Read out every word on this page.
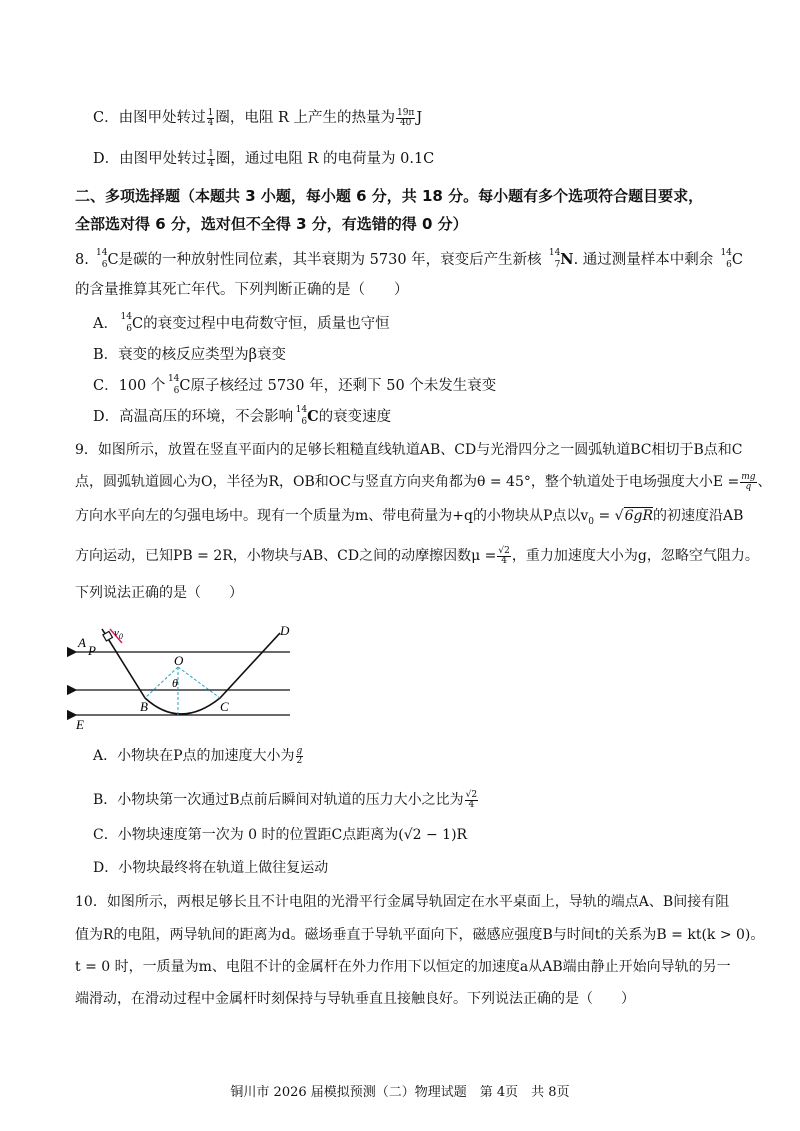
C．由图甲处转过 $\frac{1}{4}$ 圈，电阻 R 上产生的热量为 $\frac{19\pi}{40}$ J
D．由图甲处转过 $\frac{1}{4}$ 圈，通过电阻 R 的电荷量为 0.1C
二、多项选择题（本题共 3 小题，每小题 6 分，共 18 分。每小题有多个选项符合题目要求，
全部选对得 6 分，选对但不全得 3 分，有选错的得 0 分）
8. 14
6 C是碳的一种放射性同位素，其半衰期为 5730 年，衰变后产生新核 14
7 N. 通过测量样本中剩余 14
6 C
的含量推算其死亡年代。下列判断正确的是（　　）
A． 14
6 C的衰变过程中电荷数守恒，质量也守恒
B．衰变的核反应类型为β衰变
C．100 个 14
6 C原子核经过 5730 年，还剩下 50 个未发生衰变
D．高温高压的环境，不会影响 14
6 C的衰变速度
9．如图所示，放置在竖直平面内的足够长粗糙直线轨道AB、CD与光滑四分之一圆弧轨道BC相切于B点和C
点，圆弧轨道圆心为O，半径为R，OB和OC与竖直方向夹角都为θ = 45°，整个轨道处于电场强度大小$E = \frac{mg}{q}$ 、
方向水平向左的匀强电场中。现有一个质量为m、带电荷量为+q的小物块从P点以$v_0 = √6gR$的初速度沿AB
方向运动，已知PB = 2R，小物块与AB、CD之间的动摩擦因数$\mu = \frac{√2}{4}$ ，重力加速度大小为g，忽略空气阻力。
下列说法正确的是（　　）
A
P
$v_0$	D
O
θ
B	C
E
A．小物块在P点的加速度大小为 $\frac{g}{2}$
B．小物块第一次通过B点前后瞬间对轨道的压力大小之比为 $\frac{√2}{4}$
C．小物块速度第一次为 0 时的位置距C点距离为(√2 − 1)R
D．小物块最终将在轨道上做往复运动
10．如图所示，两根足够长且不计电阻的光滑平行金属导轨固定在水平桌面上，导轨的端点A、B间接有阻
值为R的电阻，两导轨间的距离为d。磁场垂直于导轨平面向下，磁感应强度B与时间t的关系为B = kt(k > 0)。
t = 0 时，一质量为m、电阻不计的金属杆在外力作用下以恒定的加速度a从AB端由静止开始向导轨的另一
端滑动，在滑动过程中金属杆时刻保持与导轨垂直且接触良好。下列说法正确的是（　　）
铜川市 2026 届模拟预测（二）物理试题　第 4页　共 8页
